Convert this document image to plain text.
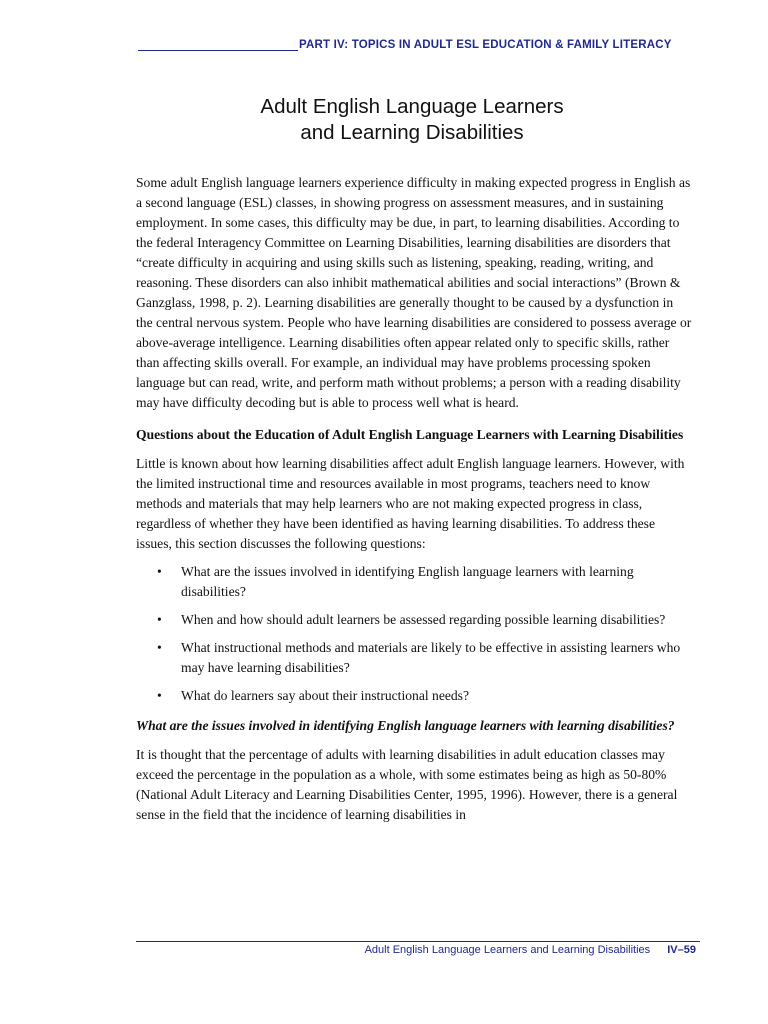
PART IV: TOPICS IN ADULT ESL EDUCATION & FAMILY LITERACY
Adult English Language Learners
and Learning Disabilities

Some adult English language learners experience difficulty in making expected progress in English as a second language (ESL) classes, in showing progress on assessment measures, and in sustaining employment. In some cases, this difficulty may be due, in part, to learning disabilities. According to the federal Interagency Committee on Learning Disabilities, learning disabilities are disorders that “create difficulty in acquiring and using skills such as listening, speaking, reading, writing, and reasoning. These disorders can also inhibit mathematical abilities and social interactions” (Brown & Ganzglass, 1998, p. 2). Learning disabilities are generally thought to be caused by a dysfunction in the central nervous system. People who have learning disabilities are considered to possess average or above-average intelligence. Learning disabilities often appear related only to specific skills, rather than affecting skills overall. For example, an individual may have problems processing spoken language but can read, write, and perform math without problems; a person with a reading disability may have difficulty decoding but is able to process well what is heard.

Questions about the Education of Adult English Language Learners with Learning Disabilities

Little is known about how learning disabilities affect adult English language learners. However, with the limited instructional time and resources available in most programs, teachers need to know methods and materials that may help learners who are not making expected progress in class, regardless of whether they have been identified as having learning disabilities. To address these issues, this section discusses the following questions:

• What are the issues involved in identifying English language learners with learning disabilities?
• When and how should adult learners be assessed regarding possible learning disabilities?
• What instructional methods and materials are likely to be effective in assisting learners who may have learning disabilities?
• What do learners say about their instructional needs?

What are the issues involved in identifying English language learners with learning disabilities?

It is thought that the percentage of adults with learning disabilities in adult education classes may exceed the percentage in the population as a whole, with some estimates being as high as 50-80% (National Adult Literacy and Learning Disabilities Center, 1995, 1996). However, there is a general sense in the field that the incidence of learning disabilities in

Adult English Language Learners and Learning Disabilities IV–59
